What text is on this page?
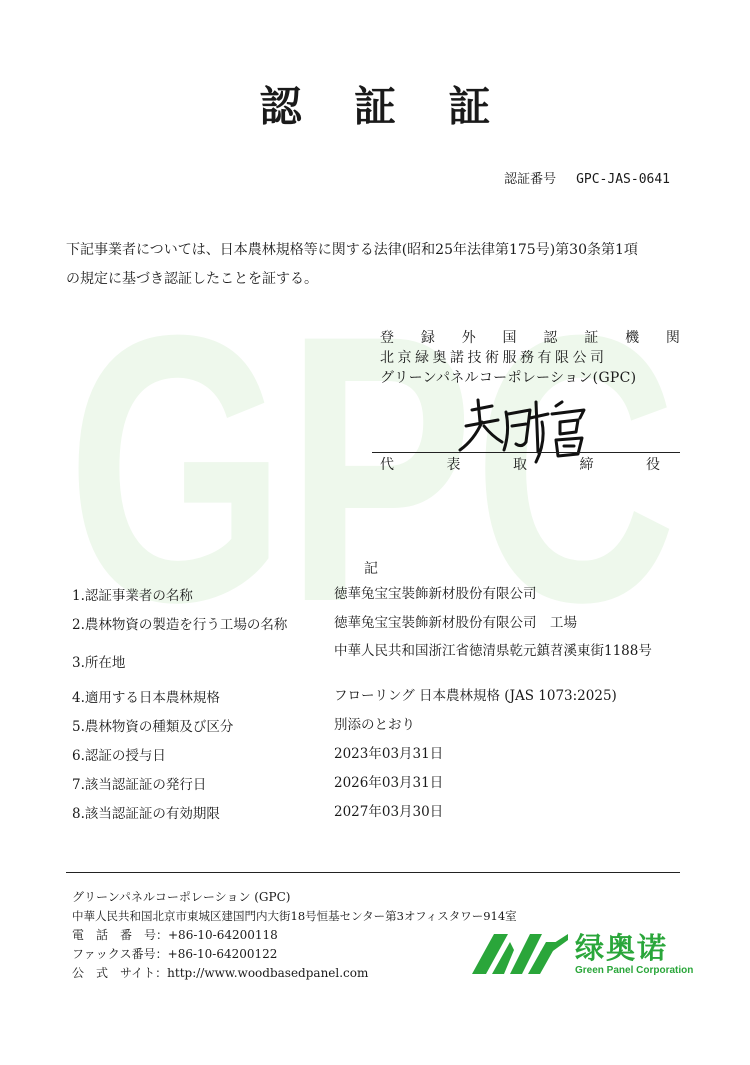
GPC
認 証 証
認証番号 GPC-JAS-0641
下記事業者については、日本農林規格等に関する法律(昭和25年法律第175号)第30条第1項
の規定に基づき認証したことを証する。
登 録 外 国 認 証 機 関
北京緑奥諾技術服務有限公司
グリーンパネルコーポレーション(GPC)
代	表	取	締	役
記
1.認証事業者の名称	徳華兔宝宝裝飾新材股份有限公司
2.農林物資の製造を行う工場の名称	徳華兔宝宝裝飾新材股份有限公司　工場
3.所在地
中華人民共和国浙江省徳清県乾元鎮苕溪東街1188号
4.適用する日本農林規格	フローリング 日本農林規格 (JAS 1073:2025)
5.農林物資の種類及び区分	別添のとおり
6.認証の授与日	2023年03月31日
7.該当認証証の発行日	2026年03月31日
8.該当認証証の有効期限	2027年03月30日
グリーンパネルコーポレーション (GPC)
中華人民共和国北京市東城区建国門内大街18号恒基センター第3オフィスタワー914室
電　話　番　号：+86-10-64200118
ファックス番号：+86-10-64200122
公　式　サイト：http://www.woodbasedpanel.com
绿奥诺
Green Panel Corporation
